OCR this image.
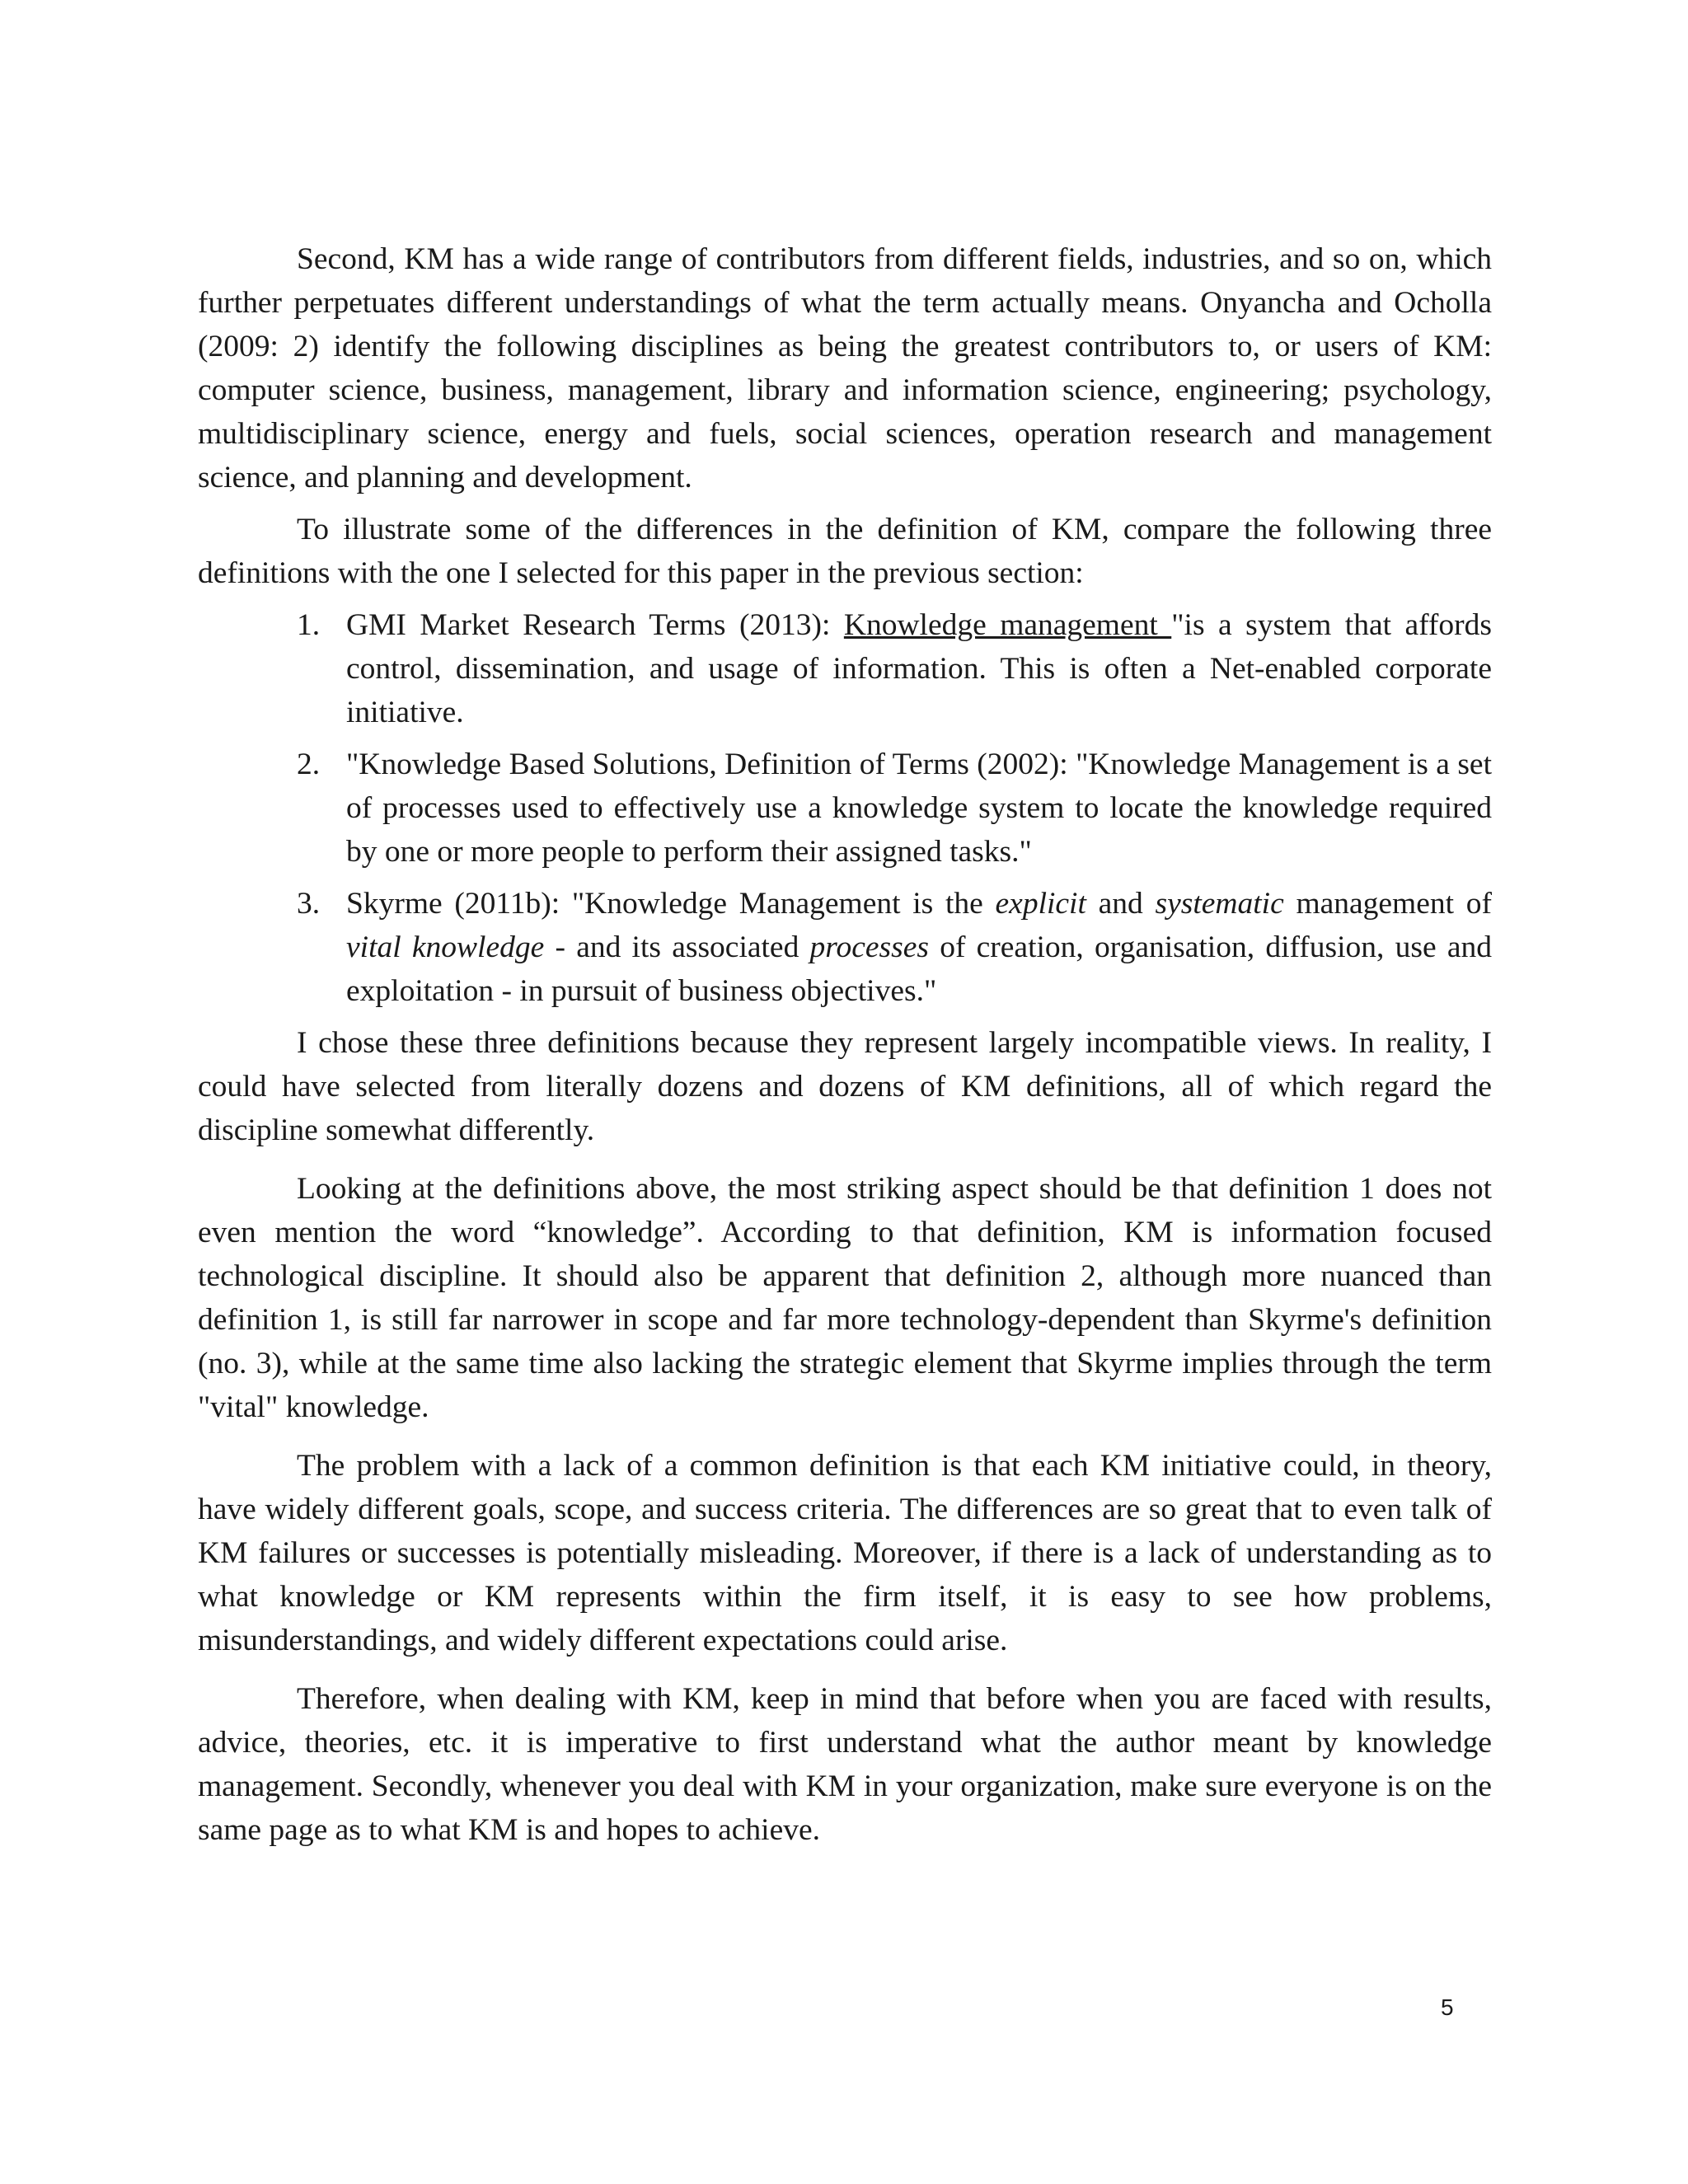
Second, KM has a wide range of contributors from different fields, industries, and so on, which further perpetuates different understandings of what the term actually means. Onyancha and Ocholla (2009: 2) identify the following disciplines as being the greatest contributors to, or users of KM: computer science, business, management, library and information science, engineering; psychology, multidisciplinary science, energy and fuels, social sciences, operation research and management science, and planning and development.

To illustrate some of the differences in the definition of KM, compare the following three definitions with the one I selected for this paper in the previous section:

1. GMI Market Research Terms (2013): Knowledge management "is a system that affords control, dissemination, and usage of information. This is often a Net-enabled corporate initiative.
2. "Knowledge Based Solutions, Definition of Terms (2002): "Knowledge Management is a set of processes used to effectively use a knowledge system to locate the knowledge required by one or more people to perform their assigned tasks."
3. Skyrme (2011b): "Knowledge Management is the explicit and systematic management of vital knowledge - and its associated processes of creation, organisation, diffusion, use and exploitation - in pursuit of business objectives."

I chose these three definitions because they represent largely incompatible views. In reality, I could have selected from literally dozens and dozens of KM definitions, all of which regard the discipline somewhat differently.

Looking at the definitions above, the most striking aspect should be that definition 1 does not even mention the word “knowledge”. According to that definition, KM is information focused technological discipline. It should also be apparent that definition 2, although more nuanced than definition 1, is still far narrower in scope and far more technology-dependent than Skyrme's definition (no. 3), while at the same time also lacking the strategic element that Skyrme implies through the term "vital" knowledge.

The problem with a lack of a common definition is that each KM initiative could, in theory, have widely different goals, scope, and success criteria. The differences are so great that to even talk of KM failures or successes is potentially misleading. Moreover, if there is a lack of understanding as to what knowledge or KM represents within the firm itself, it is easy to see how problems, misunderstandings, and widely different expectations could arise.

Therefore, when dealing with KM, keep in mind that before when you are faced with results, advice, theories, etc. it is imperative to first understand what the author meant by knowledge management. Secondly, whenever you deal with KM in your organization, make sure everyone is on the same page as to what KM is and hopes to achieve.

5
